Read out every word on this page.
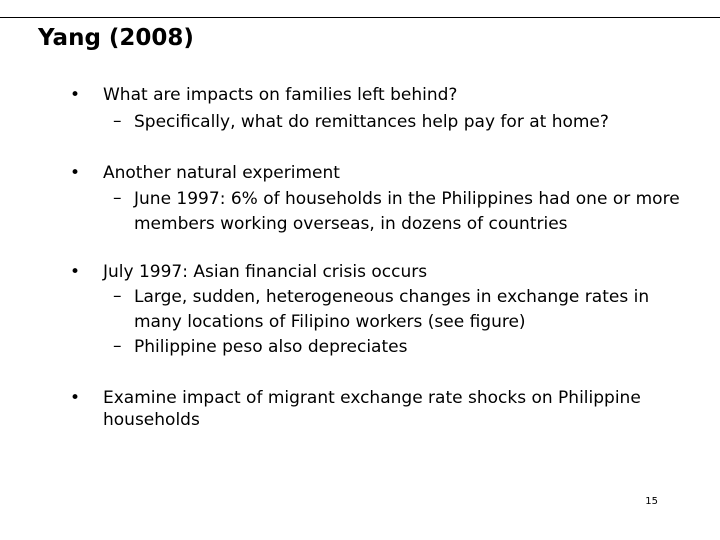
Yang (2008)
• What are impacts on families left behind?

– Specifically, what do remittances help pay for at home?

• Another natural experiment

– June 1997: 6% of households in the Philippines had one or more members working overseas, in dozens of countries

• July 1997: Asian financial crisis occurs

– Large, sudden, heterogeneous changes in exchange rates in many locations of Filipino workers (see figure)

– Philippine peso also depreciates

• Examine impact of migrant exchange rate shocks on Philippine households

15
